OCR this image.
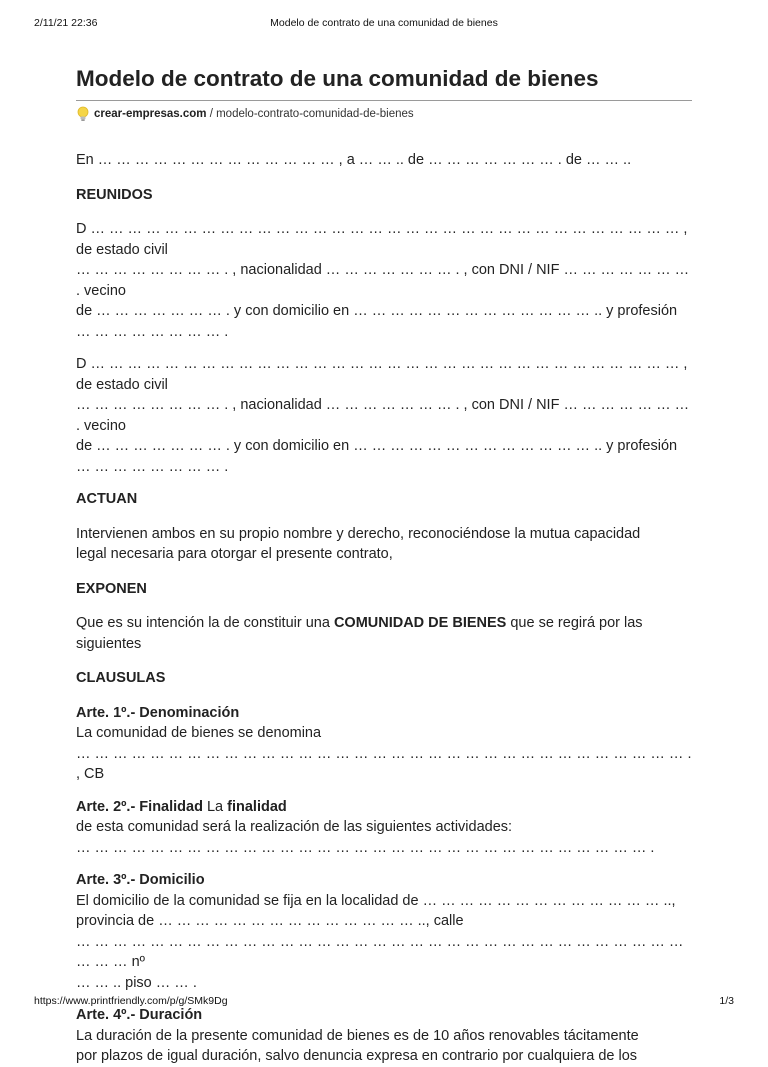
2/11/21 22:36	Modelo de contrato de una comunidad de bienes
Modelo de contrato de una comunidad de bienes
crear-empresas.com / modelo-contrato-comunidad-de-bienes

En … … … … … … … … … … … … … , a … … .. de … … … … … … … . de … … ..

REUNIDOS

D … … … … … … … … … … … … … … … … … … … … … … … … … … … … … … … … , de estado civil

… … … … … … … … . , nacionalidad … … … … … … … . , con DNI / NIF … … … … … … … . vecino

de … … … … … … … . y con domicilio en … … … … … … … … … … … … … .. y profesión

… … … … … … … … .

D … … … … … … … … … … … … … … … … … … … … … … … … … … … … … … … … , de estado civil

… … … … … … … … . , nacionalidad … … … … … … … . , con DNI / NIF … … … … … … … . vecino

de … … … … … … … . y con domicilio en … … … … … … … … … … … … … .. y profesión

… … … … … … … … .

ACTUAN

Intervienen ambos en su propio nombre y derecho, reconociéndose la mutua capacidad

legal necesaria para otorgar el presente contrato,

EXPONEN

Que es su intención la de constituir una COMUNIDAD DE BIENES que se regirá por las

siguientes

CLAUSULAS

Arte. 1º.- Denominación

La comunidad de bienes se denomina

… … … … … … … … … … … … … … … … … … … … … … … … … … … … … … … … … . , CB

Arte. 2º.- Finalidad La finalidad

de esta comunidad será la realización de las siguientes actividades:

… … … … … … … … … … … … … … … … … … … … … … … … … … … … … … … .

Arte. 3º.- Domicilio

El domicilio de la comunidad se fija en la localidad de … … … … … … … … … … … … … ..,

provincia de … … … … … … … … … … … … … … .., calle

… … … … … … … … … … … … … … … … … … … … … … … … … … … … … … … … … … … … nº

… … .. piso … … .

Arte. 4º.- Duración

La duración de la presente comunidad de bienes es de 10 años renovables tácitamente

por plazos de igual duración, salvo denuncia expresa en contrario por cualquiera de los

https://www.printfriendly.com/p/g/SMk9Dg	1/3
